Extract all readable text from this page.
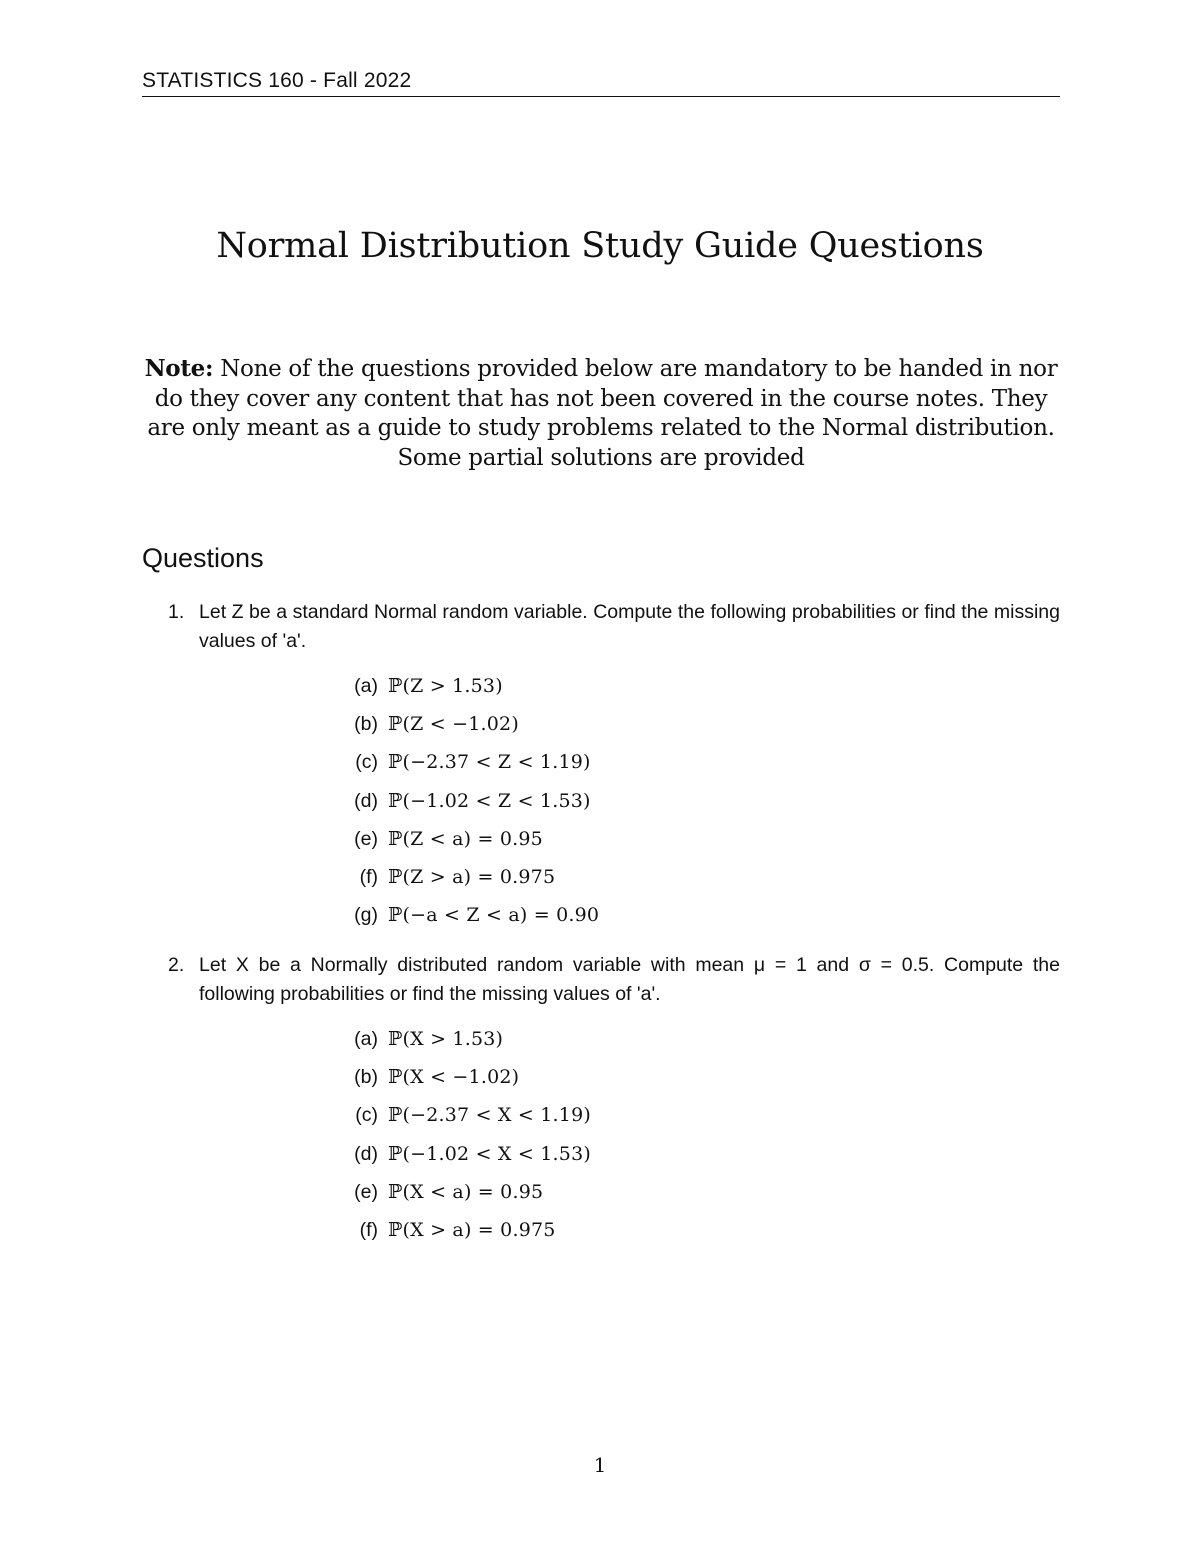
STATISTICS 160 - Fall 2022
Normal Distribution Study Guide Questions
Note: None of the questions provided below are mandatory to be handed in nor do they cover any content that has not been covered in the course notes. They are only meant as a guide to study problems related to the Normal distribution. Some partial solutions are provided
Questions
1. Let Z be a standard Normal random variable. Compute the following probabilities or find the missing values of 'a'.
(a) ℙ(Z > 1.53)
(b) ℙ(Z < −1.02)
(c) ℙ(−2.37 < Z < 1.19)
(d) ℙ(−1.02 < Z < 1.53)
(e) ℙ(Z < a) = 0.95
(f) ℙ(Z > a) = 0.975
(g) ℙ(−a < Z < a) = 0.90
2. Let X be a Normally distributed random variable with mean μ = 1 and σ = 0.5. Compute the following probabilities or find the missing values of 'a'.
(a) ℙ(X > 1.53)
(b) ℙ(X < −1.02)
(c) ℙ(−2.37 < X < 1.19)
(d) ℙ(−1.02 < X < 1.53)
(e) ℙ(X < a) = 0.95
(f) ℙ(X > a) = 0.975
1
